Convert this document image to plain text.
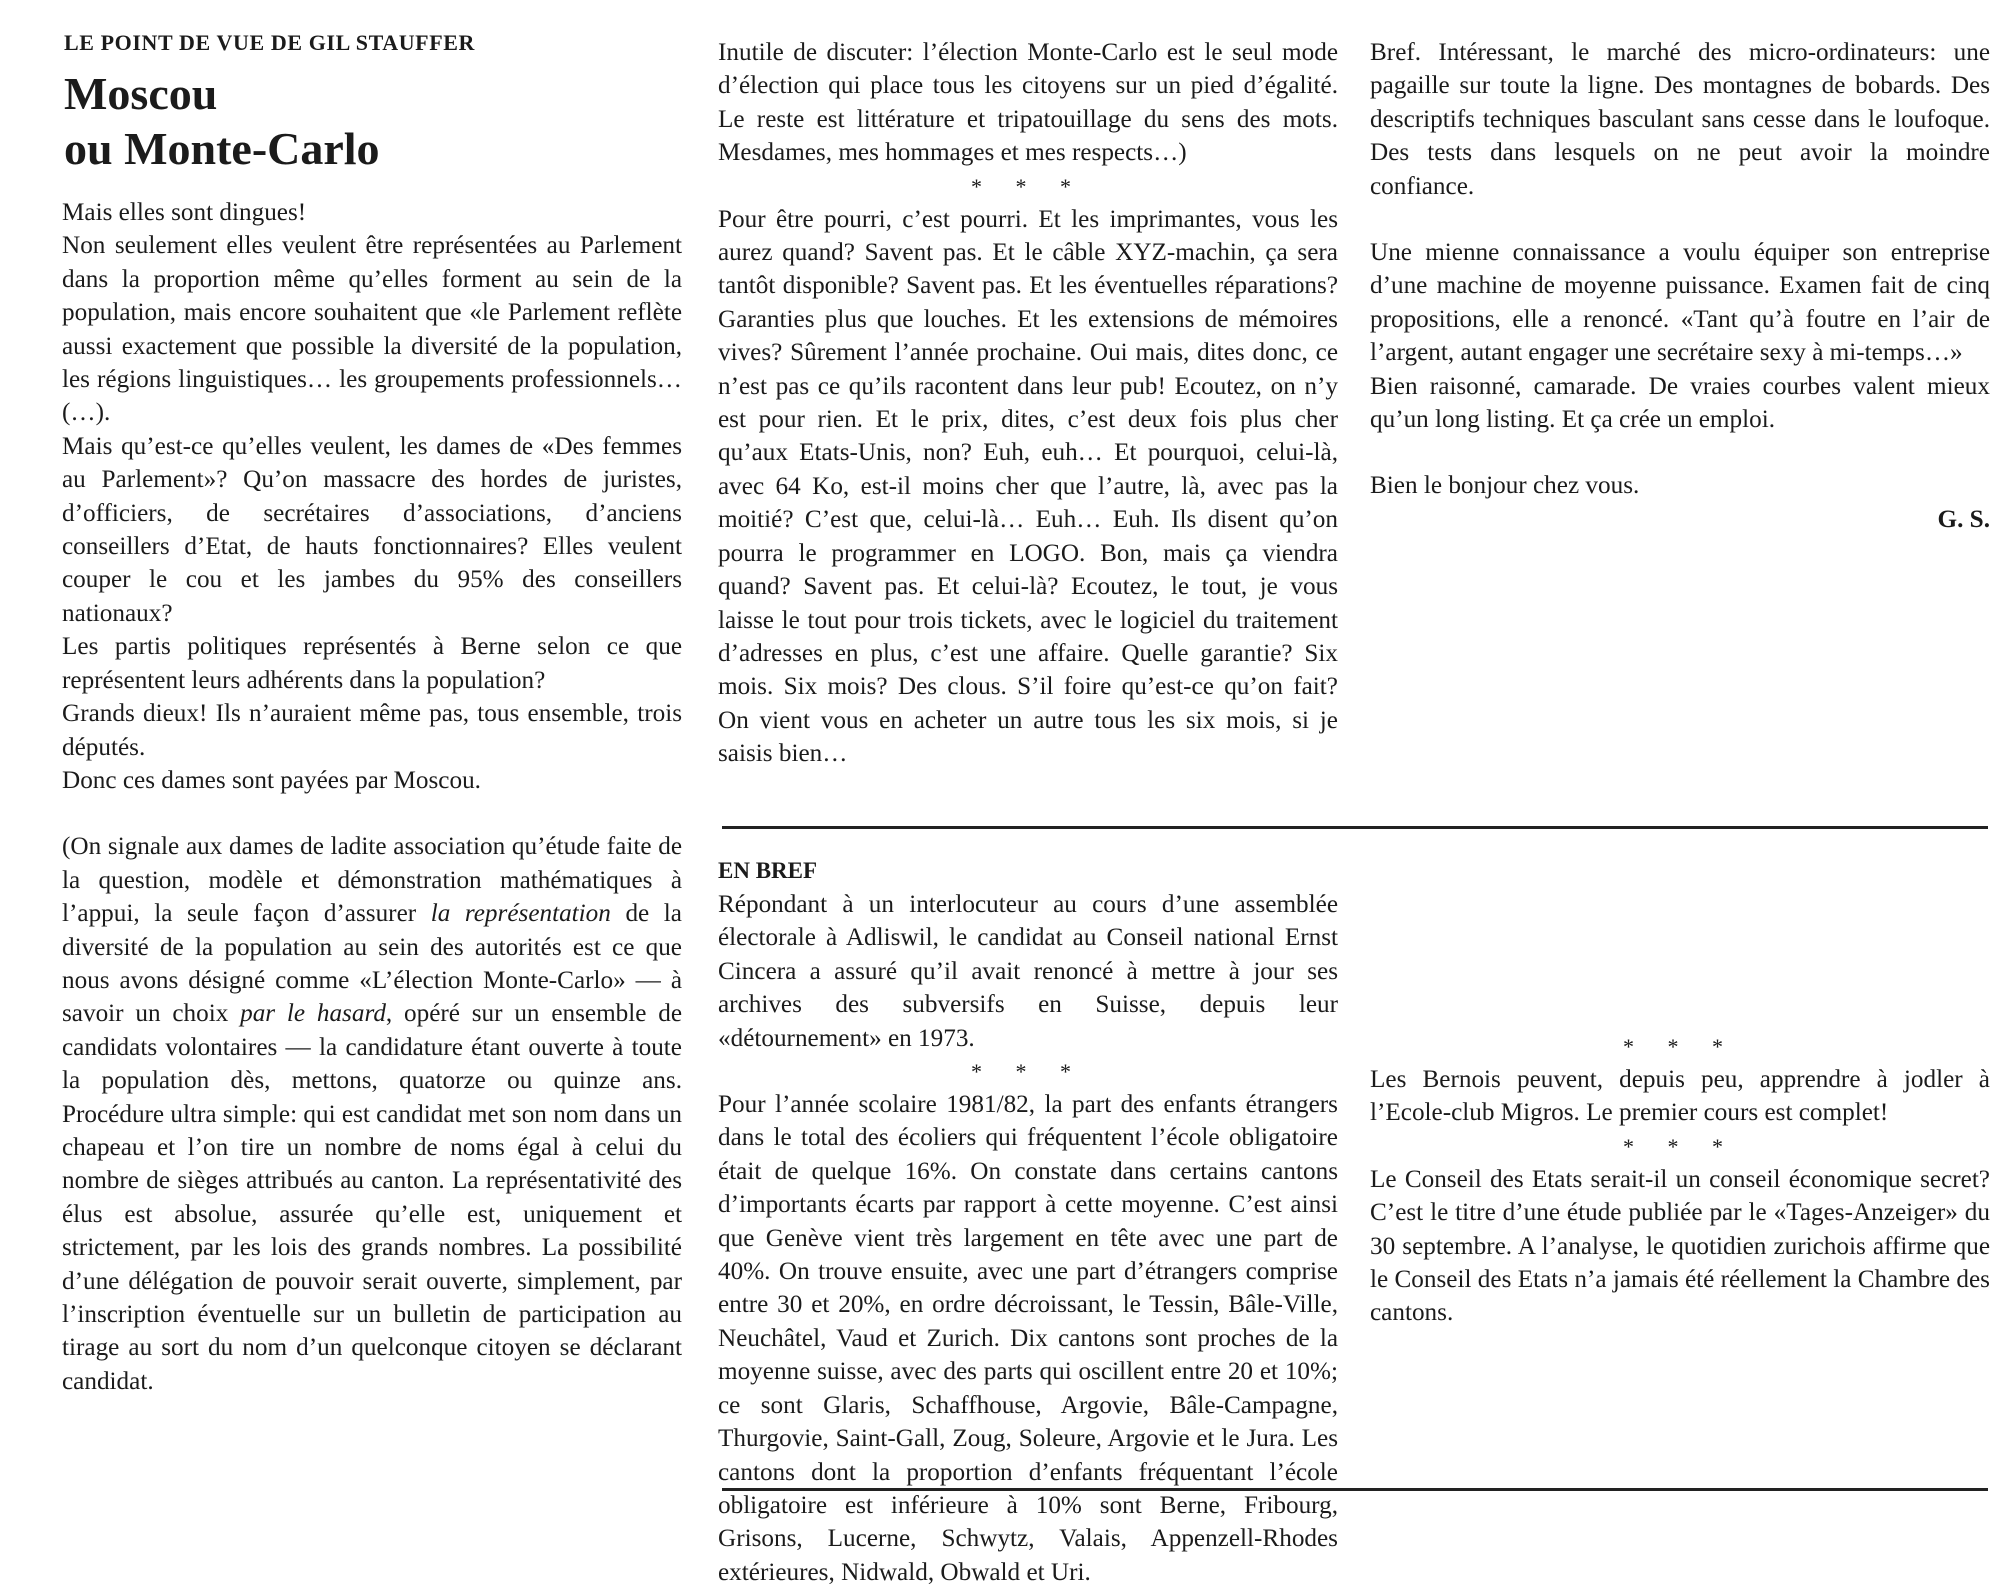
LE POINT DE VUE DE GIL STAUFFER
Moscou
ou Monte-Carlo

Mais elles sont dingues!

Non seulement elles veulent être représentées au Parlement dans la proportion même qu’elles forment au sein de la population, mais encore souhaitent que «le Parlement reflète aussi exactement que possible la diversité de la population, les régions linguistiques… les groupements professionnels… (…).

Mais qu’est-ce qu’elles veulent, les dames de «Des femmes au Parlement»? Qu’on massacre des hordes de juristes, d’officiers, de secrétaires d’associations, d’anciens conseillers d’Etat, de hauts fonctionnaires? Elles veulent couper le cou et les jambes du 95% des conseillers nationaux?

Les partis politiques représentés à Berne selon ce que représentent leurs adhérents dans la population?

Grands dieux! Ils n’auraient même pas, tous ensemble, trois députés.

Donc ces dames sont payées par Moscou.

(On signale aux dames de ladite association qu’étude faite de la question, modèle et démonstration mathématiques à l’appui, la seule façon d’assurer la représentation de la diversité de la population au sein des autorités est ce que nous avons désigné comme «L’élection Monte-Carlo» — à savoir un choix par le hasard, opéré sur un ensemble de candidats volontaires — la candidature étant ouverte à toute la population dès, mettons, quatorze ou quinze ans. Procédure ultra simple: qui est candidat met son nom dans un chapeau et l’on tire un nombre de noms égal à celui du nombre de sièges attribués au canton. La représentativité des élus est absolue, assurée qu’elle est, uniquement et strictement, par les lois des grands nombres. La possibilité d’une délégation de pouvoir serait ouverte, simplement, par l’inscription éventuelle sur un bulletin de participation au tirage au sort du nom d’un quelconque citoyen se déclarant candidat.

Inutile de discuter: l’élection Monte-Carlo est le seul mode d’élection qui place tous les citoyens sur un pied d’égalité. Le reste est littérature et tripatouillage du sens des mots. Mesdames, mes hommages et mes respects…)

* * *

Pour être pourri, c’est pourri. Et les imprimantes, vous les aurez quand? Savent pas. Et le câble XYZ-machin, ça sera tantôt disponible? Savent pas. Et les éventuelles réparations? Garanties plus que louches. Et les extensions de mémoires vives? Sûrement l’année prochaine. Oui mais, dites donc, ce n’est pas ce qu’ils racontent dans leur pub! Ecoutez, on n’y est pour rien. Et le prix, dites, c’est deux fois plus cher qu’aux Etats-Unis, non? Euh, euh… Et pourquoi, celui-là, avec 64 Ko, est-il moins cher que l’autre, là, avec pas la moitié? C’est que, celui-là… Euh… Euh. Ils disent qu’on pourra le programmer en LOGO. Bon, mais ça viendra quand? Savent pas. Et celui-là? Ecoutez, le tout, je vous laisse le tout pour trois tickets, avec le logiciel du traitement d’adresses en plus, c’est une affaire. Quelle garantie? Six mois. Six mois? Des clous. S’il foire qu’est-ce qu’on fait? On vient vous en acheter un autre tous les six mois, si je saisis bien…

Bref. Intéressant, le marché des micro-ordinateurs: une pagaille sur toute la ligne. Des montagnes de bobards. Des descriptifs techniques basculant sans cesse dans le loufoque. Des tests dans lesquels on ne peut avoir la moindre confiance.

Une mienne connaissance a voulu équiper son entreprise d’une machine de moyenne puissance. Examen fait de cinq propositions, elle a renoncé. «Tant qu’à foutre en l’air de l’argent, autant engager une secrétaire sexy à mi-temps…»

Bien raisonné, camarade. De vraies courbes valent mieux qu’un long listing. Et ça crée un emploi.

Bien le bonjour chez vous.

G. S.
EN BREF

Répondant à un interlocuteur au cours d’une assemblée électorale à Adliswil, le candidat au Conseil national Ernst Cincera a assuré qu’il avait renoncé à mettre à jour ses archives des subversifs en Suisse, depuis leur «détournement» en 1973.

* * *

Pour l’année scolaire 1981/82, la part des enfants étrangers dans le total des écoliers qui fréquentent l’école obligatoire était de quelque 16%. On constate dans certains cantons d’importants écarts par rapport à cette moyenne. C’est ainsi que Genève vient très largement en tête avec une part de 40%. On trouve ensuite, avec une part d’étrangers comprise entre 30 et 20%, en ordre décroissant, le Tessin, Bâle-Ville, Neuchâtel, Vaud et Zurich. Dix cantons sont proches de la moyenne suisse, avec des parts qui oscillent entre 20 et 10%; ce sont Glaris, Schaffhouse, Argovie, Bâle-Campagne, Thurgovie, Saint-Gall, Zoug, Soleure, Argovie et le Jura. Les cantons dont la proportion d’enfants fréquentant l’école obligatoire est inférieure à 10% sont Berne, Fribourg, Grisons, Lucerne, Schwytz, Valais, Appenzell-Rhodes extérieures, Nidwald, Obwald et Uri.

* * *

Les Bernois peuvent, depuis peu, apprendre à jodler à l’Ecole-club Migros. Le premier cours est complet!

* * *

Le Conseil des Etats serait-il un conseil économique secret? C’est le titre d’une étude publiée par le «Tages-Anzeiger» du 30 septembre. A l’analyse, le quotidien zurichois affirme que le Conseil des Etats n’a jamais été réellement la Chambre des cantons.
